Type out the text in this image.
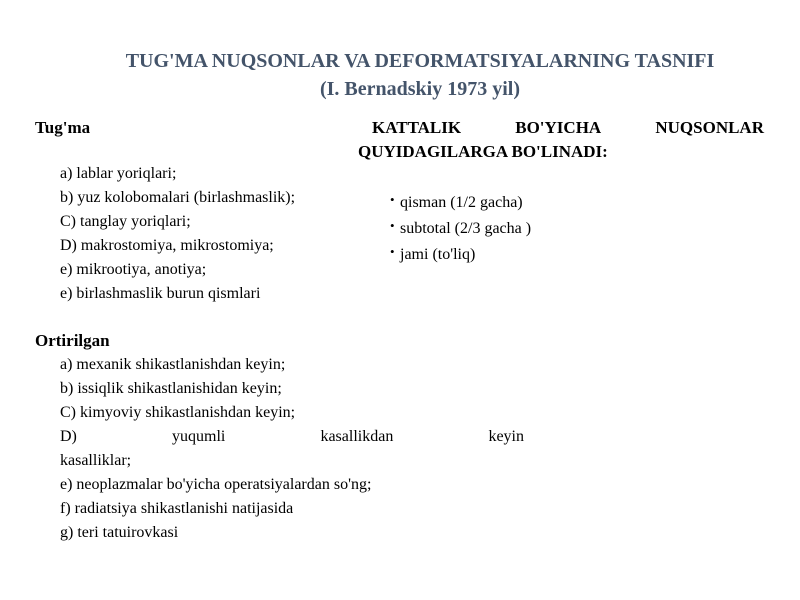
TUG'MA NUQSONLAR VA DEFORMATSIYALARNING TASNIFI
(I. Bernadskiy 1973 yil)
Tug'ma
a) lablar yoriqlari;
b) yuz kolobomalari (birlashmaslik);
C) tanglay yoriqlari;
D) makrostomiya, mikrostomiya;
e) mikrootiya, anotiya;
e) birlashmaslik burun qismlari
Ortirilgan
a) mexanik shikastlanishdan keyin;
b) issiqlik shikastlanishidan keyin;
C) kimyoviy shikastlanishdan keyin;
D)	yuqumli	kasallikdan	keyin
kasalliklar;
e) neoplazmalar bo'yicha operatsiyalardan so'ng;
f) radiatsiya shikastlanishi natijasida
g) teri tatuirovkasi
KATTALIK	BO'YICHA	NUQSONLAR
QUYIDAGILARGA BO'LINADI:
• qisman (1/2 gacha)
• subtotal (2/3 gacha )
• jami (to'liq)
